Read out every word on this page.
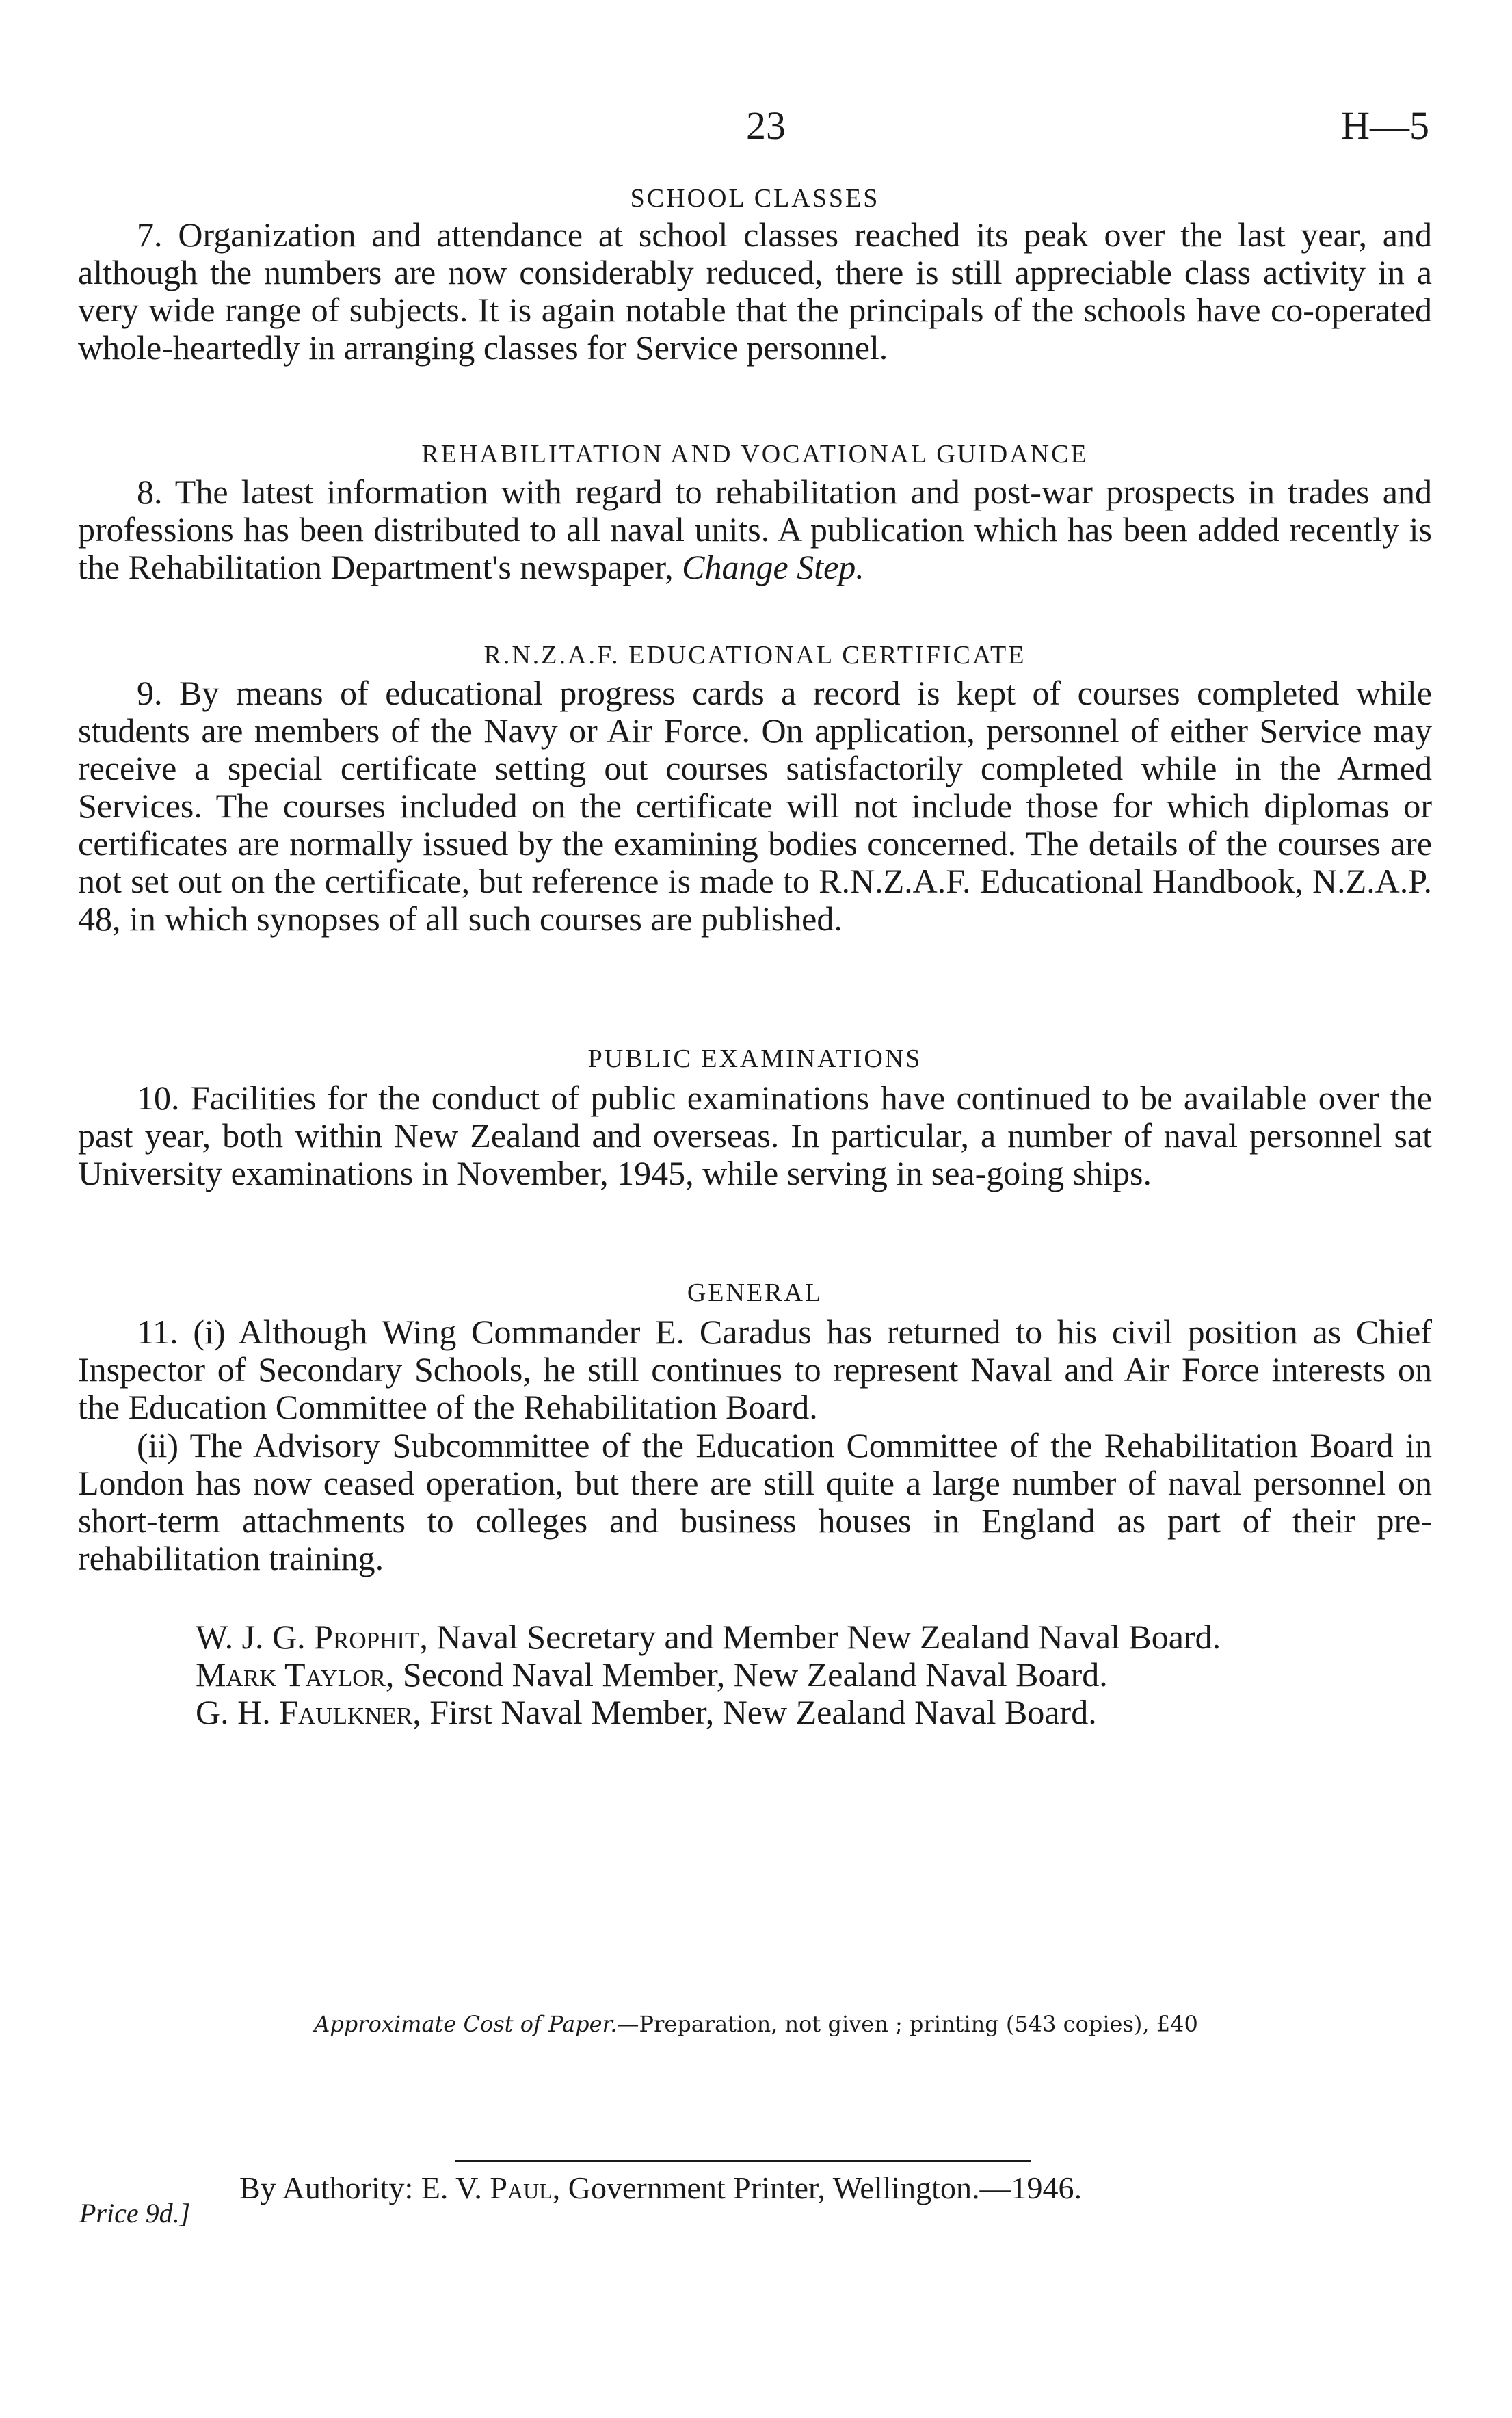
23	H—5
SCHOOL CLASSES

7. Organization and attendance at school classes reached its peak over the last year, and although the numbers are now considerably reduced, there is still appreciable class activity in a very wide range of subjects. It is again notable that the principals of the schools have co-operated whole-heartedly in arranging classes for Service personnel.

REHABILITATION AND VOCATIONAL GUIDANCE

8. The latest information with regard to rehabilitation and post-war prospects in trades and professions has been distributed to all naval units. A publication which has been added recently is the Rehabilitation Department's newspaper, Change Step.

R.N.Z.A.F. EDUCATIONAL CERTIFICATE

9. By means of educational progress cards a record is kept of courses completed while students are members of the Navy or Air Force. On application, personnel of either Service may receive a special certificate setting out courses satisfactorily completed while in the Armed Services. The courses included on the certificate will not include those for which diplomas or certificates are normally issued by the examining bodies concerned. The details of the courses are not set out on the certificate, but reference is made to R.N.Z.A.F. Educational Handbook, N.Z.A.P. 48, in which synopses of all such courses are published.

PUBLIC EXAMINATIONS

10. Facilities for the conduct of public examinations have continued to be available over the past year, both within New Zealand and overseas. In particular, a number of naval personnel sat University examinations in November, 1945, while serving in sea-going ships.

GENERAL

11. (i) Although Wing Commander E. Caradus has returned to his civil position as Chief Inspector of Secondary Schools, he still continues to represent Naval and Air Force interests on the Education Committee of the Rehabilitation Board.

(ii) The Advisory Subcommittee of the Education Committee of the Rehabilitation Board in London has now ceased operation, but there are still quite a large number of naval personnel on short-term attachments to colleges and business houses in England as part of their pre-rehabilitation training.

W. J. G. Prophit, Naval Secretary and Member New Zealand Naval Board.
Mark Taylor, Second Naval Member, New Zealand Naval Board.
G. H. Faulkner, First Naval Member, New Zealand Naval Board.
Approximate Cost of Paper.—Preparation, not given ; printing (543 copies), £40
By Authority: E. V. Paul, Government Printer, Wellington.—1946.
Price 9d.]
